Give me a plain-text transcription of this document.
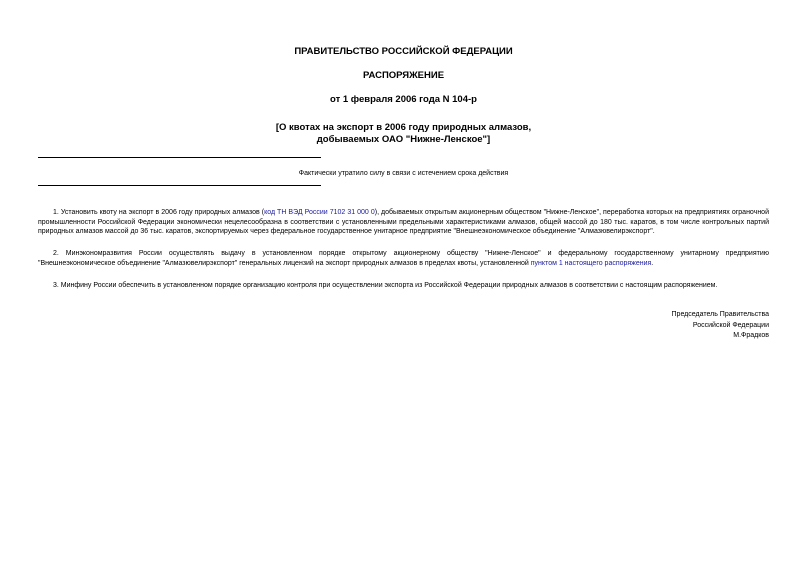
ПРАВИТЕЛЬСТВО РОССИЙСКОЙ ФЕДЕРАЦИИ
РАСПОРЯЖЕНИЕ
от 1 февраля 2006 года N 104-р
[О квотах на экспорт в 2006 году природных алмазов,
добываемых ОАО "Нижне-Ленское"]
Фактически утратило силу в связи с истечением срока действия
1. Установить квоту на экспорт в 2006 году природных алмазов (код ТН ВЭД России 7102 31 000 0), добываемых открытым акционерным обществом "Нижне-Ленское", переработка которых на предприятиях ограночной промышленности Российской Федерации экономически нецелесообразна в соответствии с установленными предельными характеристиками алмазов, общей массой до 180 тыс. каратов, в том числе контрольных партий природных алмазов массой до 36 тыс. каратов, экспортируемых через федеральное государственное унитарное предприятие "Внешнеэкономическое объединение "Алмазювелирэкспорт".
2. Минэкономразвития России осуществлять выдачу в установленном порядке открытому акционерному обществу "Нижне-Ленское" и федеральному государственному унитарному предприятию "Внешнеэкономическое объединение "Алмазювелирэкспорт" генеральных лицензий на экспорт природных алмазов в пределах квоты, установленной пунктом 1 настоящего распоряжения.
3. Минфину России обеспечить в установленном порядке организацию контроля при осуществлении экспорта из Российской Федерации природных алмазов в соответствии с настоящим распоряжением.
Председатель Правительства
Российской Федерации
М.Фрадков
